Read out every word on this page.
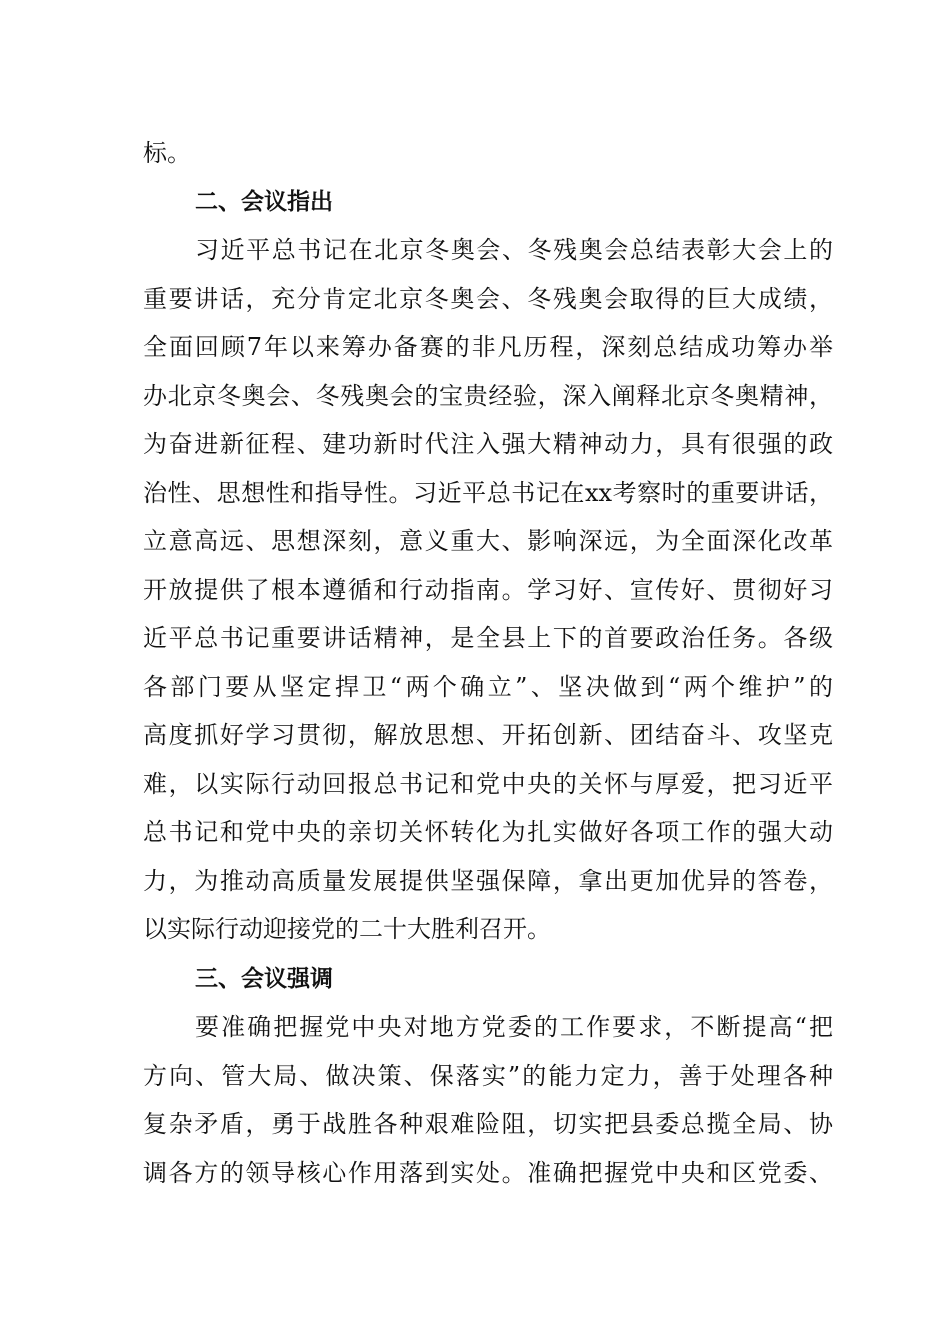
标。
二、会议指出
习近平总书记在北京冬奥会、冬残奥会总结表彰大会上的
重要讲话，充分肯定北京冬奥会、冬残奥会取得的巨大成绩，
全面回顾7年以来筹办备赛的非凡历程，深刻总结成功筹办举
办北京冬奥会、冬残奥会的宝贵经验，深入阐释北京冬奥精神，
为奋进新征程、建功新时代注入强大精神动力，具有很强的政
治性、思想性和指导性。习近平总书记在xx考察时的重要讲话，
立意高远、思想深刻，意义重大、影响深远，为全面深化改革
开放提供了根本遵循和行动指南。学习好、宣传好、贯彻好习
近平总书记重要讲话精神，是全县上下的首要政治任务。各级
各部门要从坚定捍卫“两个确立”、坚决做到“两个维护”的
高度抓好学习贯彻，解放思想、开拓创新、团结奋斗、攻坚克
难，以实际行动回报总书记和党中央的关怀与厚爱，把习近平
总书记和党中央的亲切关怀转化为扎实做好各项工作的强大动
力，为推动高质量发展提供坚强保障，拿出更加优异的答卷，
以实际行动迎接党的二十大胜利召开。
三、会议强调
要准确把握党中央对地方党委的工作要求，不断提高“把
方向、管大局、做决策、保落实”的能力定力，善于处理各种
复杂矛盾，勇于战胜各种艰难险阻，切实把县委总揽全局、协
调各方的领导核心作用落到实处。准确把握党中央和区党委、
